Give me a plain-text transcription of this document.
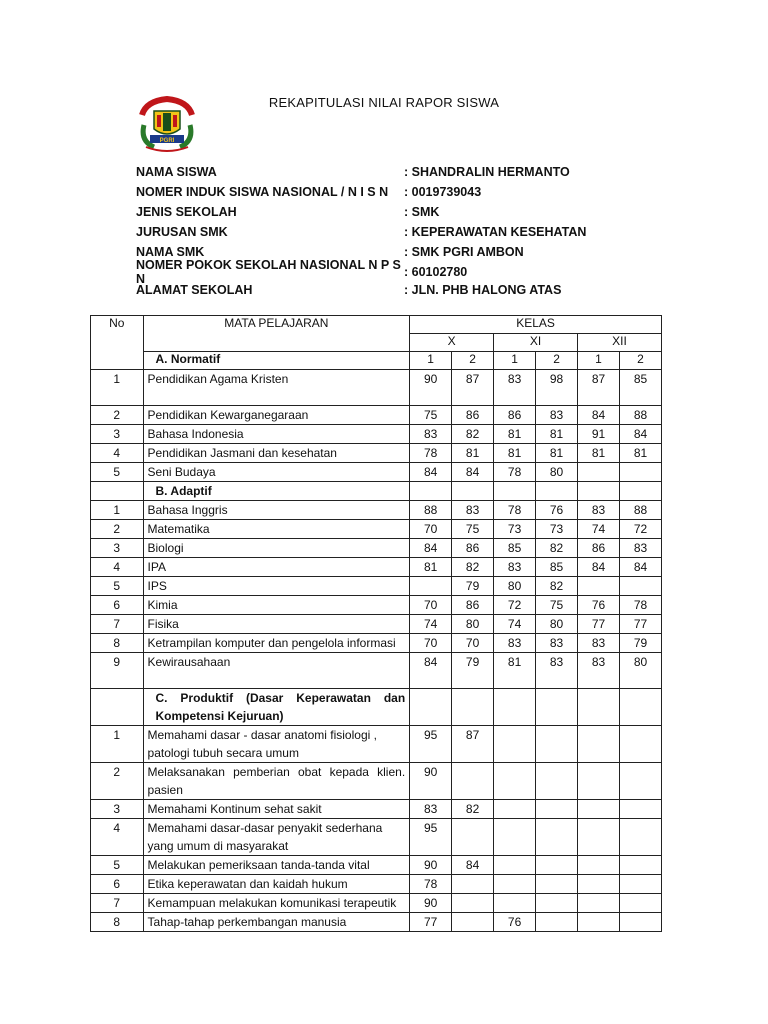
PGRI
REKAPITULASI NILAI RAPOR SISWA
NAMA SISWA	: SHANDRALIN HERMANTO
NOMER INDUK SISWA NASIONAL / N I S N	: 0019739043
JENIS SEKOLAH	: SMK
JURUSAN SMK	: KEPERAWATAN KESEHATAN
NAMA SMK	: SMK PGRI AMBON
NOMER POKOK SEKOLAH NASIONAL N P S N	: 60102780
ALAMAT SEKOLAH	: JLN. PHB HALONG ATAS
No	MATA PELAJARAN	KELAS					
		X		XI		XII	
	A. Normatif	1	2	1	2	1	2
1	Pendidikan Agama Kristen	90	87	83	98	87	85
2	Pendidikan Kewarganegaraan	75	86	86	83	84	88
3	Bahasa Indonesia	83	82	81	81	91	84
4	Pendidikan Jasmani dan kesehatan	78	81	81	81	81	81
5	Seni Budaya	84	84	78	80		
	B. Adaptif						
1	Bahasa Inggris	88	83	78	76	83	88
2	Matematika	70	75	73	73	74	72
3	Biologi	84	86	85	82	86	83
4	IPA	81	82	83	85	84	84
5	IPS		79	80	82		
6	Kimia	70	86	72	75	76	78
7	Fisika	74	80	74	80	77	77
8	Ketrampilan komputer dan pengelola informasi	70	70	83	83	83	79
9	Kewirausahaan	84	79	81	83	83	80
	C. Produktif (Dasar Keperawatan dan Kompetensi Kejuruan)						
1	Memahami dasar - dasar anatomi fisiologi , patologi tubuh secara umum	95	87				
2	Melaksanakan pemberian obat kepada klien. pasien	90					
3	Memahami Kontinum sehat sakit	83	82				
4	Memahami dasar-dasar penyakit sederhana yang umum di masyarakat	95					
5	Melakukan pemeriksaan tanda-tanda vital	90	84				
6	Etika keperawatan dan kaidah hukum	78					
7	Kemampuan melakukan komunikasi terapeutik	90					
8	Tahap-tahap perkembangan manusia	77		76			
